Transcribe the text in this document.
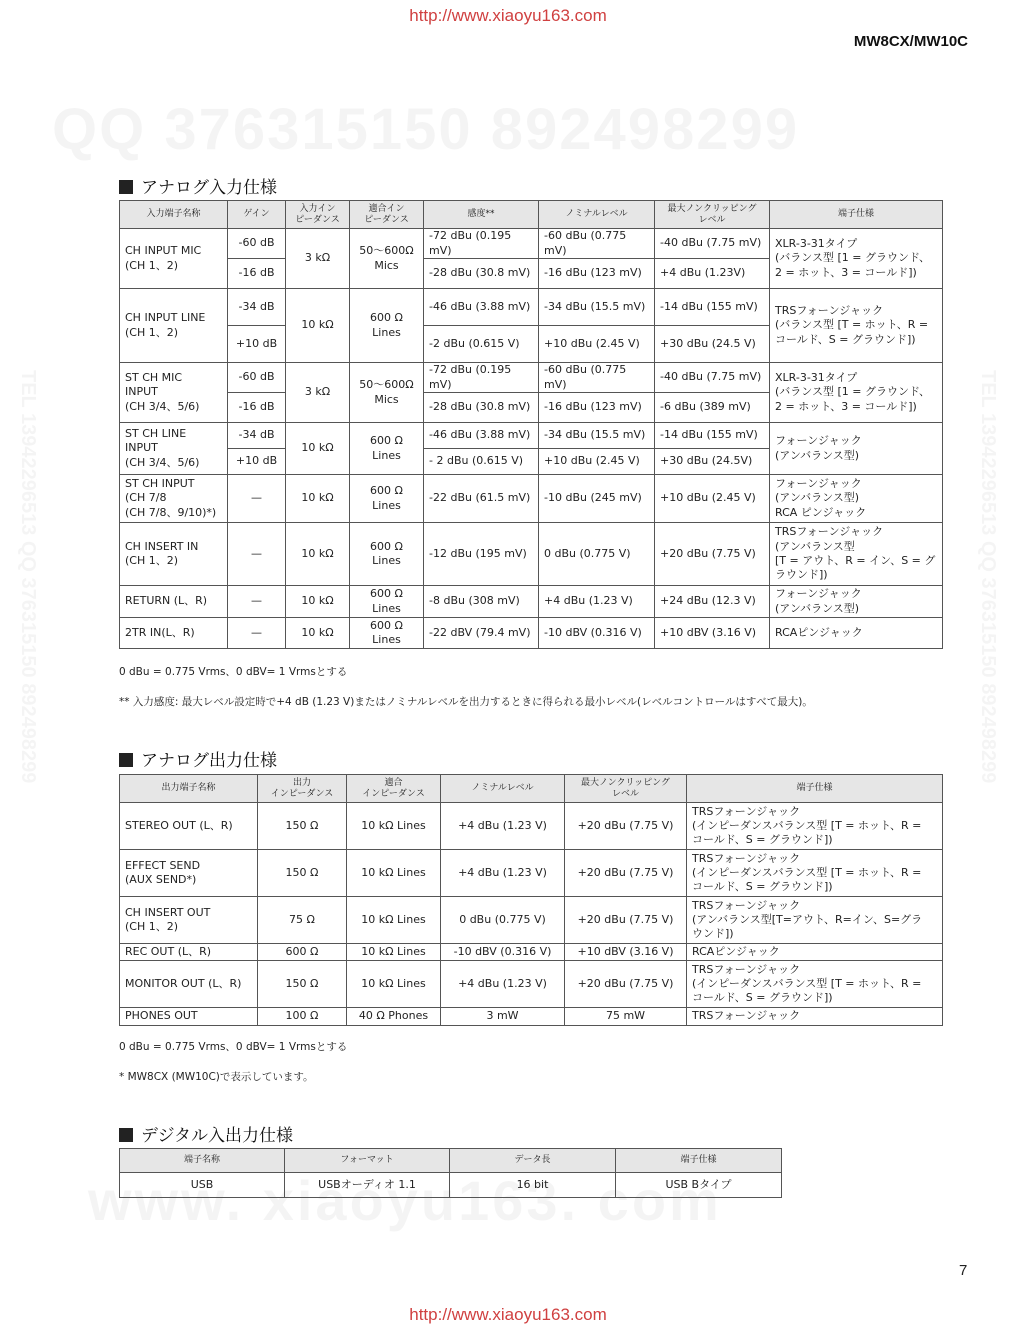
http://www.xiaoyu163.com
MW8CX/MW10C
アナログ入力仕様
入力端子名称	ゲイン	入力イン
ピーダンス	適合イン
ピーダンス	感度**	ノミナルレベル	最大ノンクリッピング
レベル	端子仕様
CH INPUT MIC
(CH 1、2)	-60 dB	3 kΩ	50〜600Ω
Mics	-72 dBu (0.195 mV)	-60 dBu (0.775 mV)	-40 dBu (7.75 mV)	XLR-3-31タイプ
(バランス型 [1 = グラウンド、
2 = ホット、3 = コールド])
	-16 dB			-28 dBu (30.8 mV)	-16 dBu (123 mV)	+4 dBu (1.23V)	
CH INPUT LINE
(CH 1、2)	-34 dB	10 kΩ	600 Ω
Lines	-46 dBu (3.88 mV)	-34 dBu (15.5 mV)	-14 dBu (155 mV)	TRSフォーンジャック
(バランス型 [T = ホット、R =
コールド、S = グラウンド])
	+10 dB			-2 dBu (0.615 V)	+10 dBu (2.45 V)	+30 dBu (24.5 V)	
ST CH MIC
INPUT
(CH 3/4、5/6)	-60 dB	3 kΩ	50〜600Ω
Mics	-72 dBu (0.195 mV)	-60 dBu (0.775 mV)	-40 dBu (7.75 mV)	XLR-3-31タイプ
(バランス型 [1 = グラウンド、
2 = ホット、3 = コールド])
	-16 dB			-28 dBu (30.8 mV)	-16 dBu (123 mV)	-6 dBu (389 mV)	
ST CH LINE
INPUT
(CH 3/4、5/6)	-34 dB	10 kΩ	600 Ω
Lines	-46 dBu (3.88 mV)	-34 dBu (15.5 mV)	-14 dBu (155 mV)	フォーンジャック
(アンバランス型)
	+10 dB			- 2 dBu (0.615 V)	+10 dBu (2.45 V)	+30 dBu (24.5V)	
ST CH INPUT
(CH 7/8
(CH 7/8、9/10)*)	—	10 kΩ	600 Ω
Lines	-22 dBu (61.5 mV)	-10 dBu (245 mV)	+10 dBu (2.45 V)	フォーンジャック
(アンバランス型)
RCA ピンジャック
CH INSERT IN
(CH 1、2)	—	10 kΩ	600 Ω
Lines	-12 dBu (195 mV)	0 dBu (0.775 V)	+20 dBu (7.75 V)	TRSフォーンジャック
(アンバランス型
[T = アウト、R = イン、S = グ
ラウンド])
RETURN (L、R)	—	10 kΩ	600 Ω
Lines	-8 dBu (308 mV)	+4 dBu (1.23 V)	+24 dBu (12.3 V)	フォーンジャック
(アンバランス型)
2TR IN(L、R)	—	10 kΩ	600 Ω
Lines	-22 dBV (79.4 mV)	-10 dBV (0.316 V)	+10 dBV (3.16 V)	RCAピンジャック
0 dBu = 0.775 Vrms、0 dBV= 1 Vrmsとする
** 入力感度: 最大レベル設定時で+4 dB (1.23 V)またはノミナルレベルを出力するときに得られる最小レベル(レベルコントロールはすべて最大)。
アナログ出力仕様
出力端子名称	出力
インピーダンス	適合
インピーダンス	ノミナルレベル	最大ノンクリッピング
レベル	端子仕様
STEREO OUT (L、R)	150 Ω	10 kΩ Lines	+4 dBu (1.23 V)	+20 dBu (7.75 V)	TRSフォーンジャック
(インピーダンスバランス型 [T = ホット、R =
コールド、S = グラウンド])
EFFECT SEND
(AUX SEND*)	150 Ω	10 kΩ Lines	+4 dBu (1.23 V)	+20 dBu (7.75 V)	TRSフォーンジャック
(インピーダンスバランス型 [T = ホット、R =
コールド、S = グラウンド])
CH INSERT OUT
(CH 1、2)	75 Ω	10 kΩ Lines	0 dBu (0.775 V)	+20 dBu (7.75 V)	TRSフォーンジャック
(アンバランス型[T=アウト、R=イン、S=グラ
ウンド])
REC OUT (L、R)	600 Ω	10 kΩ Lines	-10 dBV (0.316 V)	+10 dBV (3.16 V)	RCAピンジャック
MONITOR OUT (L、R)	150 Ω	10 kΩ Lines	+4 dBu (1.23 V)	+20 dBu (7.75 V)	TRSフォーンジャック
(インピーダンスバランス型 [T = ホット、R =
コールド、S = グラウンド])
PHONES OUT	100 Ω	40 Ω Phones	3 mW	75 mW	TRSフォーンジャック
0 dBu = 0.775 Vrms、0 dBV= 1 Vrmsとする
* MW8CX (MW10C)で表示しています。
デジタル入出力仕様
端子名称	フォーマット	データ長	端子仕様
USB	USBオーディオ 1.1	16 bit	USB Bタイプ
7
http://www.xiaoyu163.com
